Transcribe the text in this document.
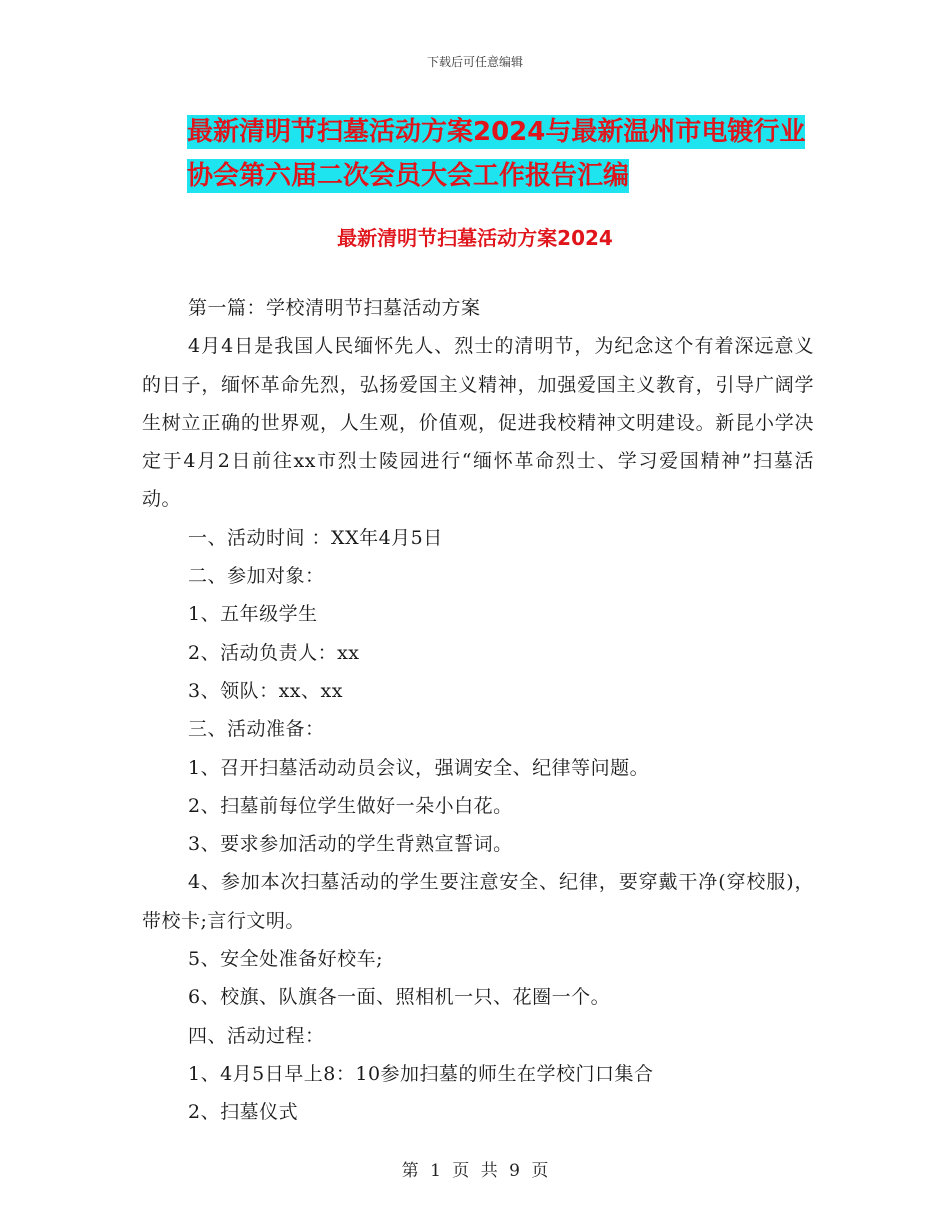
下载后可任意编辑
最新清明节扫墓活动方案2024与最新温州市电镀行业
协会第六届二次会员大会工作报告汇编
最新清明节扫墓活动方案2024

第一篇：学校清明节扫墓活动方案

4月4日是我国人民缅怀先人、烈士的清明节，为纪念这个有着深远意义的日子，缅怀革命先烈，弘扬爱国主义精神，加强爱国主义教育，引导广阔学生树立正确的世界观，人生观，价值观，促进我校精神文明建设。新昆小学决定于4月2日前往xx市烈士陵园进行“缅怀革命烈士、学习爱国精神”扫墓活动。

一、活动时间 ：XX年4月5日

二、参加对象：

1、五年级学生

2、活动负责人：xx

3、领队：xx、xx

三、活动准备：

1、召开扫墓活动动员会议，强调安全、纪律等问题。

2、扫墓前每位学生做好一朵小白花。

3、要求参加活动的学生背熟宣誓词。

4、参加本次扫墓活动的学生要注意安全、纪律，要穿戴干净(穿校服)，带校卡;言行文明。

5、安全处准备好校车;

6、校旗、队旗各一面、照相机一只、花圈一个。

四、活动过程：

1、4月5日早上8：10参加扫墓的师生在学校门口集合

2、扫墓仪式

第 1 页 共 9 页
